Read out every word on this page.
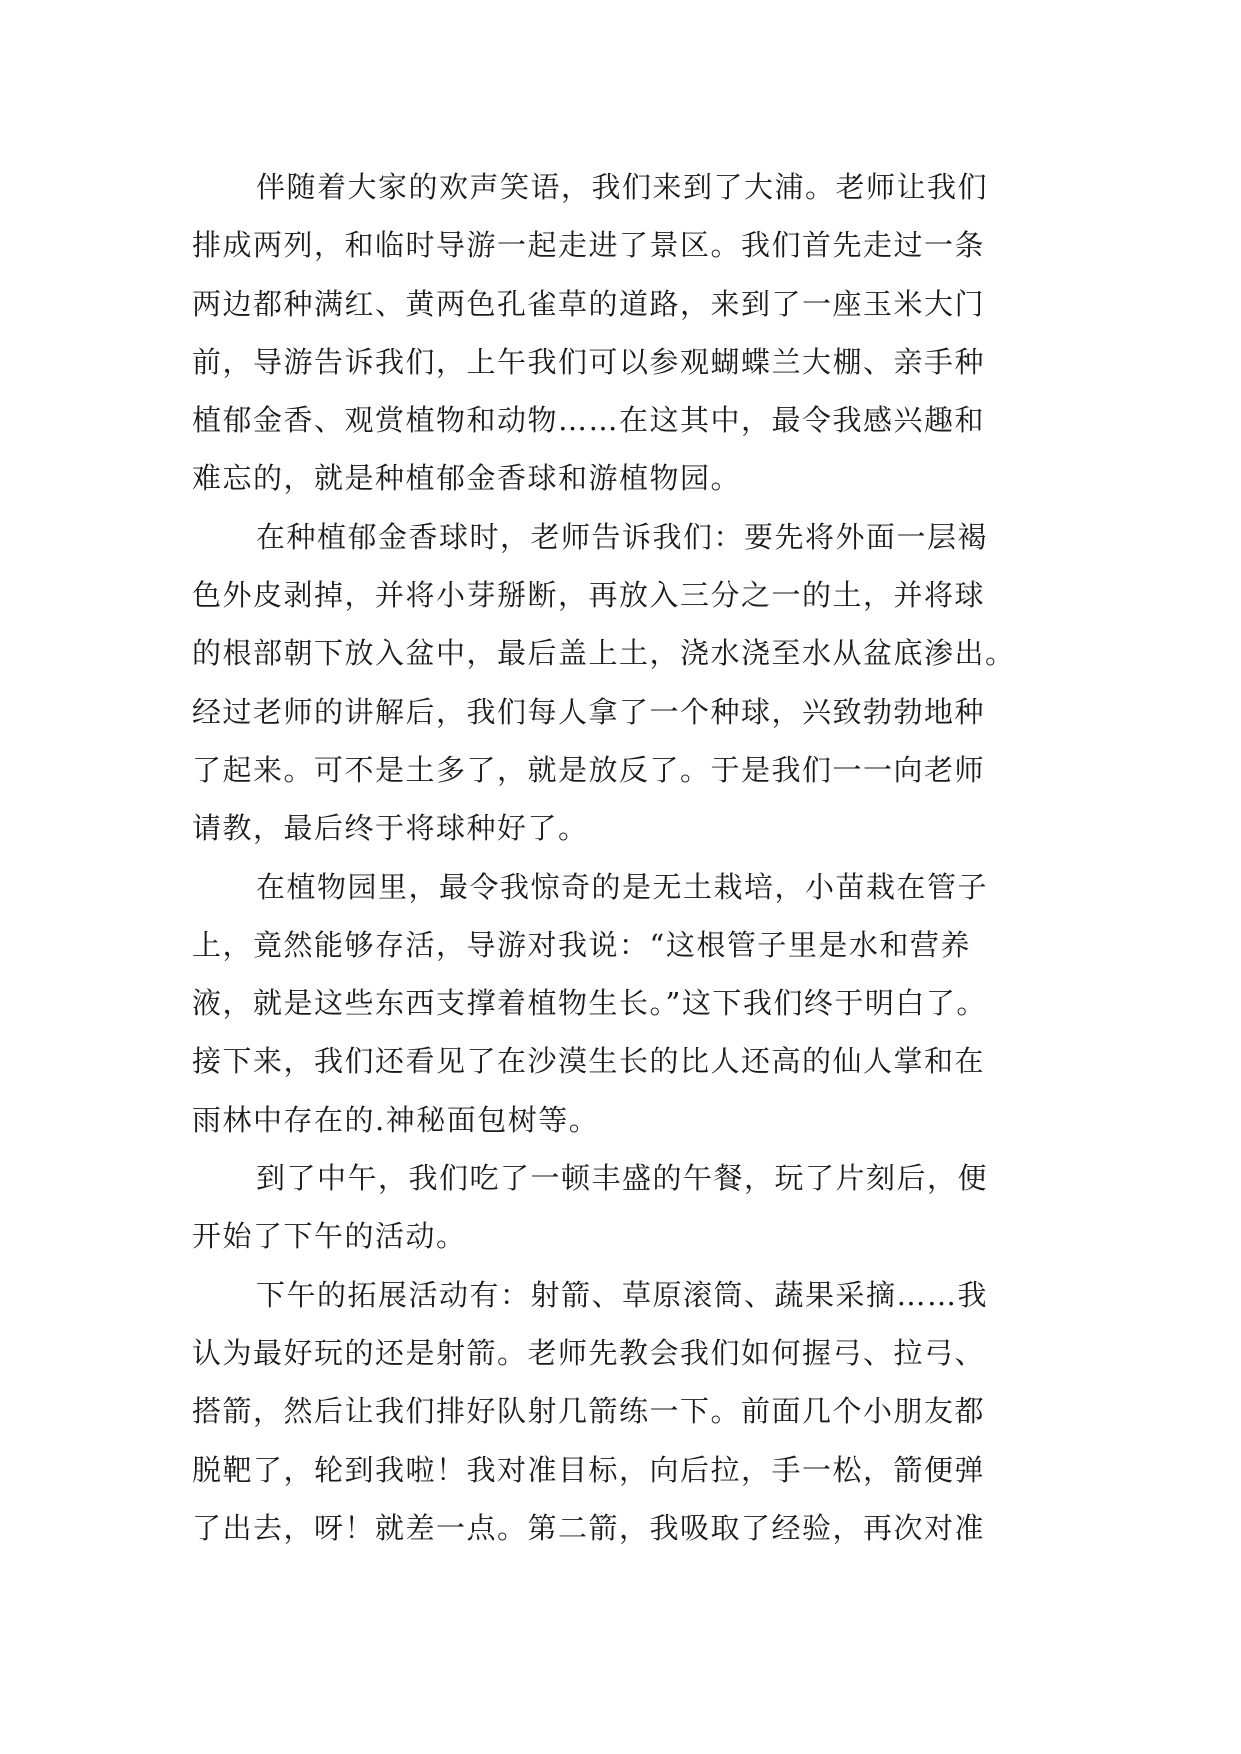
伴随着大家的欢声笑语，我们来到了大浦。老师让我们
排成两列，和临时导游一起走进了景区。我们首先走过一条
两边都种满红、黄两色孔雀草的道路，来到了一座玉米大门
前，导游告诉我们，上午我们可以参观蝴蝶兰大棚、亲手种
植郁金香、观赏植物和动物……在这其中，最令我感兴趣和
难忘的，就是种植郁金香球和游植物园。
在种植郁金香球时，老师告诉我们：要先将外面一层褐
色外皮剥掉，并将小芽掰断，再放入三分之一的土，并将球
的根部朝下放入盆中，最后盖上土，浇水浇至水从盆底渗出。
经过老师的讲解后，我们每人拿了一个种球，兴致勃勃地种
了起来。可不是土多了，就是放反了。于是我们一一向老师
请教，最后终于将球种好了。
在植物园里，最令我惊奇的是无土栽培，小苗栽在管子
上，竟然能够存活，导游对我说：“这根管子里是水和营养
液，就是这些东西支撑着植物生长。”这下我们终于明白了。
接下来，我们还看见了在沙漠生长的比人还高的仙人掌和在
雨林中存在的.神秘面包树等。
到了中午，我们吃了一顿丰盛的午餐，玩了片刻后，便
开始了下午的活动。
下午的拓展活动有：射箭、草原滚筒、蔬果采摘……我
认为最好玩的还是射箭。老师先教会我们如何握弓、拉弓、
搭箭，然后让我们排好队射几箭练一下。前面几个小朋友都
脱靶了，轮到我啦！我对准目标，向后拉，手一松，箭便弹
了出去，呀！就差一点。第二箭，我吸取了经验，再次对准
